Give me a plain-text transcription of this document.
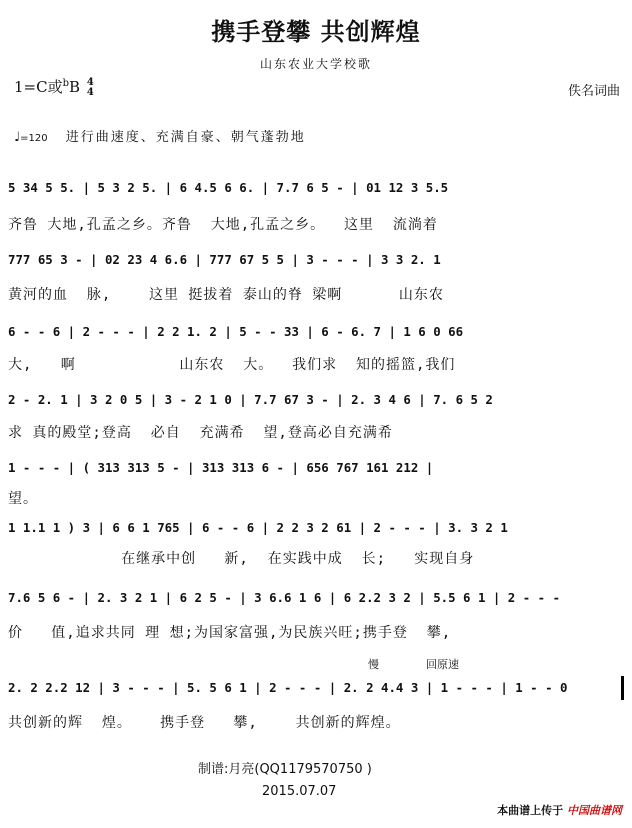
携手登攀 共创辉煌
山东农业大学校歌
1=C或$^b$B 4
4	佚名词曲
♩=120 进行曲速度、充满自豪、朝气蓬勃地
5 34 5 5. | 5 3 2 5. | 6 4.5 6 6. | 7.7 6 5 - | 01 12 3 5.5
齐鲁 大地,孔孟之乡。齐鲁  大地,孔孟之乡。  这里  流淌着
777 65 3 - | 02 23 4 6.6 | 777 67 5 5 | 3 - - - | 3 3 2. 1
黄河的血  脉,    这里 挺拔着 泰山的脊 梁啊      山东农
6 - - 6 | 2 - - - | 2 2 1. 2 | 5 - - 33 | 6 - 6. 7 | 1 6 0 66
大,   啊           山东农  大。  我们求  知的摇篮,我们
2 - 2. 1 | 3 2 0 5 | 3 - 2 1 0 | 7.7 67 3 - | 2. 3 4 6 | 7. 6 5 2
求 真的殿堂;登高  必自  充满希  望,登高必自充满希
1 - - - | ( 313 313 5 - | 313 313 6 - | 656 767 161 212 |
望。
1 1.1 1 ) 3 | 6 6 1 765 | 6 - - 6 | 2 2 3 2 61 | 2 - - - | 3. 3 2 1
在继承中创   新,  在实践中成  长;   实现自身
7.6 5 6 - | 2. 3 2 1 | 6 2 5 - | 3 6.6 1 6 | 6 2.2 3 2 | 5.5 6 1 | 2 - - -
价   值,追求共同 理 想;为国家富强,为民族兴旺;携手登  攀,
慢	回原速
2. 2 2.2 12 | 3 - - - | 5. 5 6 1 | 2 - - - | 2. 2 4.4 3 | 1 - - - | 1 - - 0
共创新的辉  煌。   携手登   攀,    共创新的辉煌。
制谱:月亮(QQ1179570750 )
2015.07.07
本曲谱上传于 中国曲谱网
